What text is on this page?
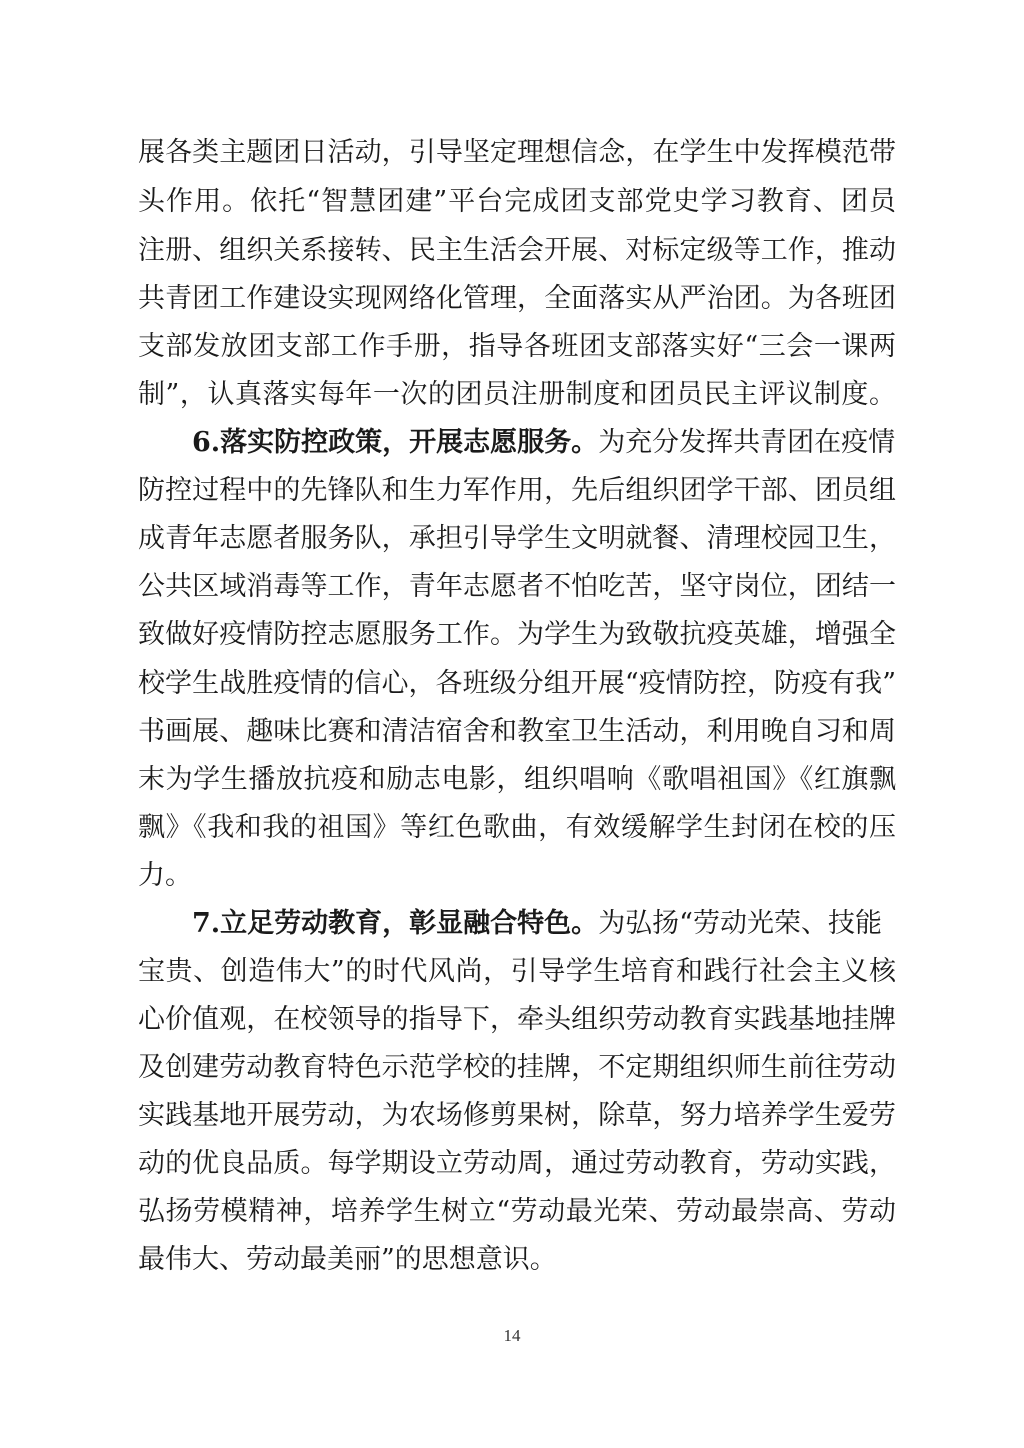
展各类主题团日活动，引导坚定理想信念，在学生中发挥模范带
头作用。依托“智慧团建”平台完成团支部党史学习教育、团员
注册、组织关系接转、民主生活会开展、对标定级等工作，推动
共青团工作建设实现网络化管理，全面落实从严治团。为各班团
支部发放团支部工作手册，指导各班团支部落实好“三会一课两
制”，认真落实每年一次的团员注册制度和团员民主评议制度。
6.落实防控政策，开展志愿服务。为充分发挥共青团在疫情
防控过程中的先锋队和生力军作用，先后组织团学干部、团员组
成青年志愿者服务队，承担引导学生文明就餐、清理校园卫生，
公共区域消毒等工作，青年志愿者不怕吃苦，坚守岗位，团结一
致做好疫情防控志愿服务工作。为学生为致敬抗疫英雄，增强全
校学生战胜疫情的信心，各班级分组开展“疫情防控，防疫有我”
书画展、趣味比赛和清洁宿舍和教室卫生活动，利用晚自习和周
末为学生播放抗疫和励志电影，组织唱响《歌唱祖国》《红旗飘
飘》《我和我的祖国》等红色歌曲，有效缓解学生封闭在校的压
力。
7.立足劳动教育，彰显融合特色。为弘扬“劳动光荣、技能
宝贵、创造伟大”的时代风尚，引导学生培育和践行社会主义核
心价值观，在校领导的指导下，牵头组织劳动教育实践基地挂牌
及创建劳动教育特色示范学校的挂牌，不定期组织师生前往劳动
实践基地开展劳动，为农场修剪果树，除草，努力培养学生爱劳
动的优良品质。每学期设立劳动周，通过劳动教育，劳动实践，
弘扬劳模精神，培养学生树立“劳动最光荣、劳动最崇高、劳动
最伟大、劳动最美丽”的思想意识。
14
